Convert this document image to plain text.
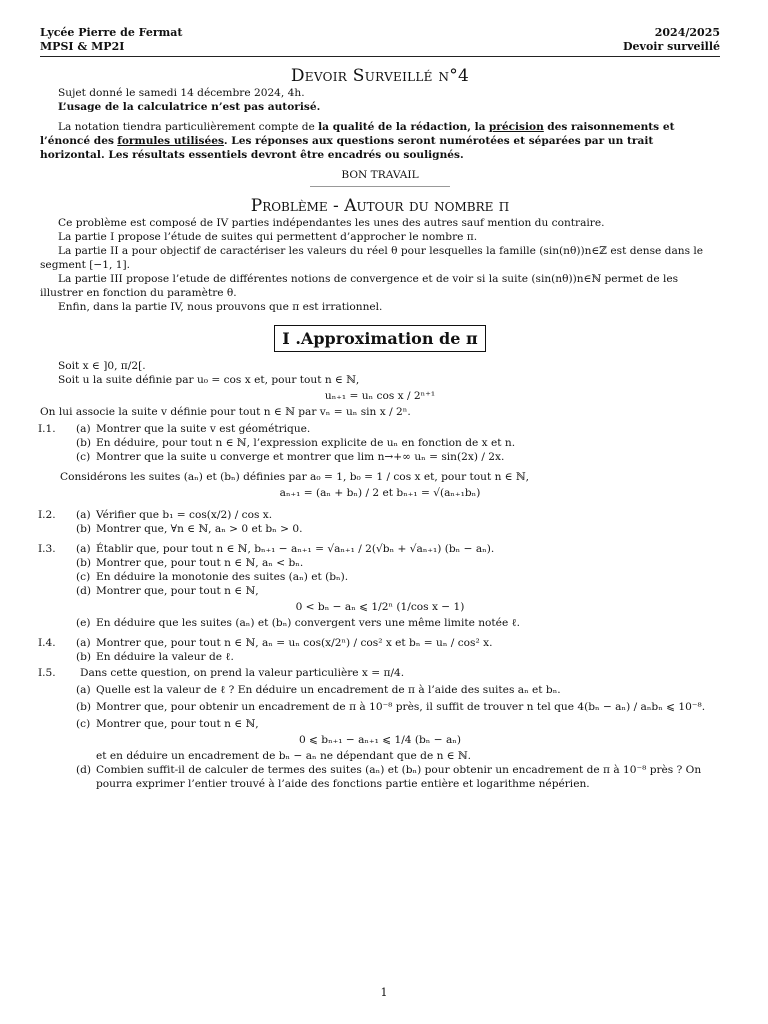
Lycée Pierre de Fermat
MPSI & MP2I
2024/2025
Devoir surveillé
Devoir Surveillé n°4

Sujet donné le samedi 14 décembre 2024, 4h.

L’usage de la calculatrice n’est pas autorisé.

La notation tiendra particulièrement compte de la qualité de la rédaction, la précision des raisonnements et l’énoncé des formules utilisées. Les réponses aux questions seront numérotées et séparées par un trait horizontal. Les résultats essentiels devront être encadrés ou soulignés.

BON TRAVAIL
Problème - Autour du nombre π

Ce problème est composé de IV parties indépendantes les unes des autres sauf mention du contraire.

La partie I propose l’étude de suites qui permettent d’approcher le nombre π.

La partie II a pour objectif de caractériser les valeurs du réel θ pour lesquelles la famille (sin(nθ))n∈ℤ est dense dans le segment [−1, 1].

La partie III propose l’etude de différentes notions de convergence et de voir si la suite (sin(nθ))n∈ℕ permet de les illustrer en fonction du paramètre θ.

Enfin, dans la partie IV, nous prouvons que π est irrationnel.

I .Approximation de π

Soit x ∈ ]0, π/2[.

Soit u la suite définie par u₀ = cos x et, pour tout n ∈ ℕ,

uₙ₊₁ = uₙ cos x / 2ⁿ⁺¹

On lui associe la suite v définie pour tout n ∈ ℕ par vₙ = uₙ sin x / 2ⁿ.

I.1. (a) Montrer que la suite v est géométrique.

(b) En déduire, pour tout n ∈ ℕ, l’expression explicite de uₙ en fonction de x et n.

(c) Montrer que la suite u converge et montrer que lim n→+∞ uₙ = sin(2x) / 2x.

Considérons les suites (aₙ) et (bₙ) définies par a₀ = 1, b₀ = 1 / cos x et, pour tout n ∈ ℕ,

aₙ₊₁ = (aₙ + bₙ) / 2 et bₙ₊₁ = √(aₙ₊₁bₙ)

I.2. (a) Vérifier que b₁ = cos(x/2) / cos x.

(b) Montrer que, ∀n ∈ ℕ, aₙ > 0 et bₙ > 0.

I.3. (a) Établir que, pour tout n ∈ ℕ, bₙ₊₁ − aₙ₊₁ = √aₙ₊₁ / 2(√bₙ + √aₙ₊₁) (bₙ − aₙ).

(b) Montrer que, pour tout n ∈ ℕ, aₙ < bₙ.

(c) En déduire la monotonie des suites (aₙ) et (bₙ).

(d) Montrer que, pour tout n ∈ ℕ,

0 < bₙ − aₙ ⩽ 1/2ⁿ (1/cos x − 1)

(e) En déduire que les suites (aₙ) et (bₙ) convergent vers une même limite notée ℓ.

I.4. (a) Montrer que, pour tout n ∈ ℕ, aₙ = uₙ cos(x/2ⁿ) / cos² x et bₙ = uₙ / cos² x.

(b) En déduire la valeur de ℓ.

I.5. Dans cette question, on prend la valeur particulière x = π/4.

(a) Quelle est la valeur de ℓ ? En déduire un encadrement de π à l’aide des suites aₙ et bₙ.

(b) Montrer que, pour obtenir un encadrement de π à 10⁻⁸ près, il suffit de trouver n tel que 4(bₙ − aₙ) / aₙbₙ ⩽ 10⁻⁸.

(c) Montrer que, pour tout n ∈ ℕ,

0 ⩽ bₙ₊₁ − aₙ₊₁ ⩽ 1/4 (bₙ − aₙ)

et en déduire un encadrement de bₙ − aₙ ne dépendant que de n ∈ ℕ.

(d) Combien suffit-il de calculer de termes des suites (aₙ) et (bₙ) pour obtenir un encadrement de π à 10⁻⁸ près ? On pourra exprimer l’entier trouvé à l’aide des fonctions partie entière et logarithme népérien.

1
